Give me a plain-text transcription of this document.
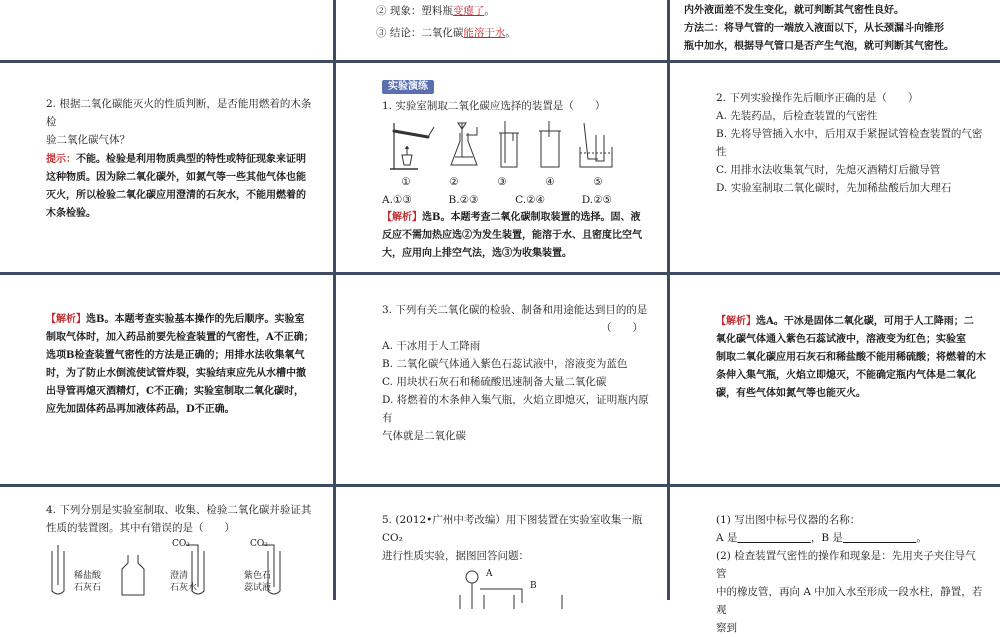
② 现象：塑料瓶变瘪了。

③ 结论：二氧化碳能溶于水。

内外液面差不发生变化，就可判断其气密性良好。

方法二：将导气管的一端放入液面以下，从长颈漏斗向锥形

瓶中加水，根据导气管口是否产生气泡，就可判断其气密性。

2. 根据二氧化碳能灭火的性质判断，是否能用燃着的木条检

验二氧化碳气体？

提示：不能。检验是利用物质典型的特性或特征现象来证明

这种物质。因为除二氧化碳外，如氮气等一些其他气体也能

灭火，所以检验二氧化碳应用澄清的石灰水，不能用燃着的

木条检验。

实验演练

1. 实验室制取二氧化碳应选择的装置是（　　）

①	②	③	④	⑤
A.①③	B.②③	C.②④	D.②⑤

【解析】选B。本题考查二氧化碳制取装置的选择。固、液

反应不需加热应选②为发生装置，能溶于水、且密度比空气

大，应用向上排空气法，选③为收集装置。

2. 下列实验操作先后顺序正确的是（　　）

A. 先装药品，后检查装置的气密性

B. 先将导管插入水中，后用双手紧握试管检查装置的气密性

C. 用排水法收集氧气时，先熄灭酒精灯后撤导管

D. 实验室制取二氧化碳时，先加稀盐酸后加大理石

【解析】选B。本题考查实验基本操作的先后顺序。实验室

制取气体时，加入药品前要先检查装置的气密性，A不正确；

选项B检查装置气密性的方法是正确的；用排水法收集氧气

时，为了防止水倒流使试管炸裂，实验结束应先从水槽中撤

出导管再熄灭酒精灯，C不正确；实验室制取二氧化碳时，

应先加固体药品再加液体药品，D不正确。

3. 下列有关二氧化碳的检验、制备和用途能达到目的的是

（　　）

A. 干冰用于人工降雨

B. 二氧化碳气体通入紫色石蕊试液中，溶液变为蓝色

C. 用块状石灰石和稀硫酸迅速制备大量二氧化碳

D. 将燃着的木条伸入集气瓶，火焰立即熄灭，证明瓶内原有

气体就是二氧化碳

【解析】选A。干冰是固体二氧化碳，可用于人工降雨；二

氧化碳气体通入紫色石蕊试液中，溶液变为红色；实验室

制取二氧化碳应用石灰石和稀盐酸不能用稀硫酸；将燃着的木

条伸入集气瓶，火焰立即熄灭，不能确定瓶内气体是二氧化

碳，有些气体如氮气等也能灭火。

4. 下列分别是实验室制取、收集、检验二氧化碳并验证其

性质的装置图。其中有错误的是（　　）

稀盐酸
石灰石
CO₂
澄清
石灰水
CO₂
紫色石
蕊试液

5. (2012•广州中考改编）用下图装置在实验室收集一瓶CO₂

进行性质实验，据图回答问题：

A
B

(1) 写出图中标号仪器的名称：

A 是	，B 是	。

(2) 检查装置气密性的操作和现象是：先用夹子夹住导气管

中的橡皮管，再向 A 中加入水至形成一段水柱，静置，若观

察到
